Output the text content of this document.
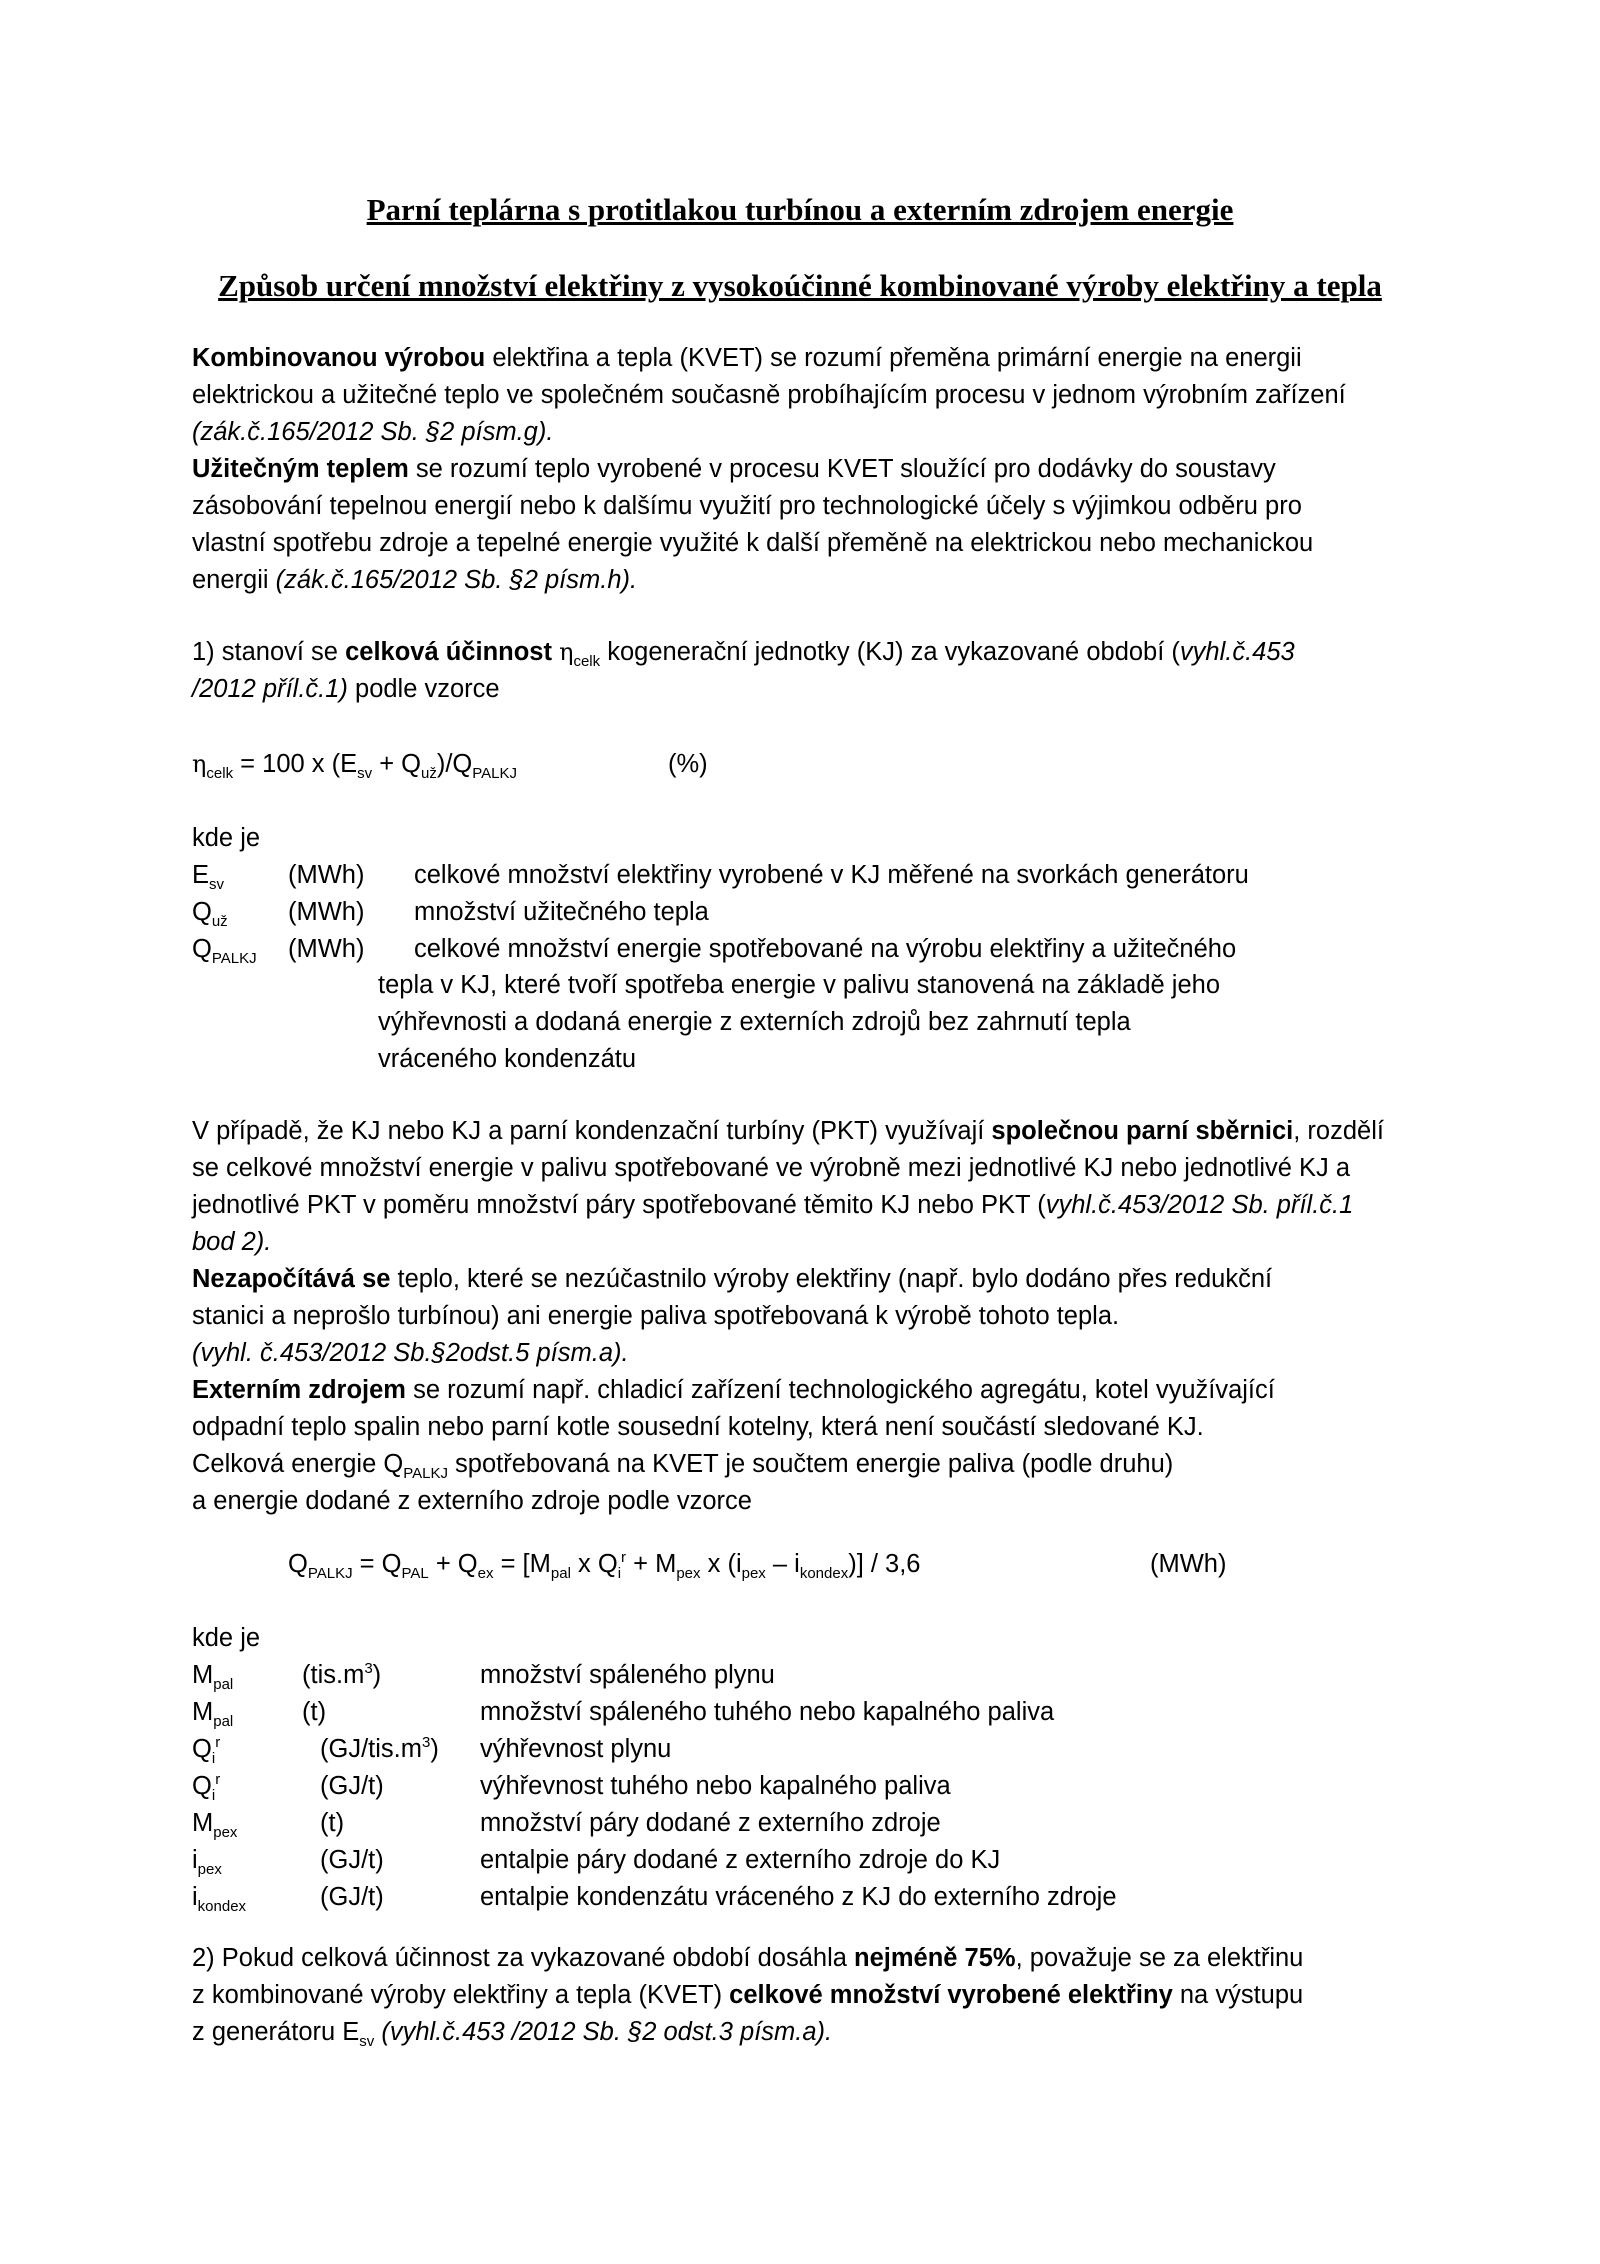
Parní teplárna s protitlakou turbínou a externím zdrojem energie
Způsob určení množství elektřiny z vysokoúčinné kombinované výroby elektřiny a tepla
Kombinovanou výrobou elektřina a tepla (KVET) se rozumí přeměna primární energie na energii
elektrickou a užitečné teplo ve společném současně probíhajícím procesu v jednom výrobním zařízení
(zák.č.165/2012 Sb. §2 písm.g).
Užitečným teplem se rozumí teplo vyrobené v procesu KVET sloužící pro dodávky do soustavy
zásobování tepelnou energií nebo k dalšímu využití pro technologické účely s výjimkou odběru pro
vlastní spotřebu zdroje a tepelné energie využité k další přeměně na elektrickou nebo mechanickou
energii (zák.č.165/2012 Sb. §2 písm.h).
1) stanoví se celková účinnost $\eta_{celk}$ kogenerační jednotky (KJ) za vykazované období (vyhl.č.453
/2012 příl.č.1) podle vzorce
$\eta_{celk} = 100$ x $(E_{sv} + Q_{už})/Q_{PALKJ}$	(%)
kde je
$E_{sv}$	(MWh) celkové množství elektřiny vyrobené v KJ měřené na svorkách generátoru
$Q_{už}$ (MWh) množství užitečného tepla
$Q_{PALKJ}$ (MWh) celkové množství energie spotřebované na výrobu elektřiny a užitečného
tepla v KJ, které tvoří spotřeba energie v palivu stanovená na základě jeho
výhřevnosti a dodaná energie z externích zdrojů bez zahrnutí tepla
vráceného kondenzátu
V případě, že KJ nebo KJ a parní kondenzační turbíny (PKT) využívají společnou parní sběrnici, rozdělí
se celkové množství energie v palivu spotřebované ve výrobně mezi jednotlivé KJ nebo jednotlivé KJ a
jednotlivé PKT v poměru množství páry spotřebované těmito KJ nebo PKT (vyhl.č.453/2012 Sb. příl.č.1
bod 2).
Nezapočítává se teplo, které se nezúčastnilo výroby elektřiny (např. bylo dodáno přes redukční
stanici a neprošlo turbínou) ani energie paliva spotřebovaná k výrobě tohoto tepla.
(vyhl. č.453/2012 Sb.§2odst.5 písm.a).
Externím zdrojem se rozumí např. chladicí zařízení technologického agregátu, kotel využívající
odpadní teplo spalin nebo parní kotle sousední kotelny, která není součástí sledované KJ.
Celková energie $Q_{PALKJ}$ spotřebovaná na KVET je součtem energie paliva (podle druhu)
a energie dodané z externího zdroje podle vzorce
$Q_{PALKJ} = Q_{PAL} + Q_{ex} = [M_{pal}$ x $Q_i^r + M_{pex}$ x $(i_{pex} - i_{kondex})] / 3,6$	(MWh)
kde je
$M_{pal}$	$(tis.m^3)$	množství spáleného plynu
$M_{pal}$	(t)	množství spáleného tuhého nebo kapalného paliva
$Q_i^r$	$(GJ/tis.m^3)$ výhřevnost plynu
$Q_i^r$	(GJ/t)	výhřevnost tuhého nebo kapalného paliva
$M_{pex}$	(t)	množství páry dodané z externího zdroje
$i_{pex}$	(GJ/t)	entalpie páry dodané z externího zdroje do KJ
$i_{kondex}$	(GJ/t)	entalpie kondenzátu vráceného z KJ do externího zdroje
2) Pokud celková účinnost za vykazované období dosáhla nejméně 75%, považuje se za elektřinu
z kombinované výroby elektřiny a tepla (KVET) celkové množství vyrobené elektřiny na výstupu
z generátoru $E_{sv}$ (vyhl.č.453 /2012 Sb. §2 odst.3 písm.a).
